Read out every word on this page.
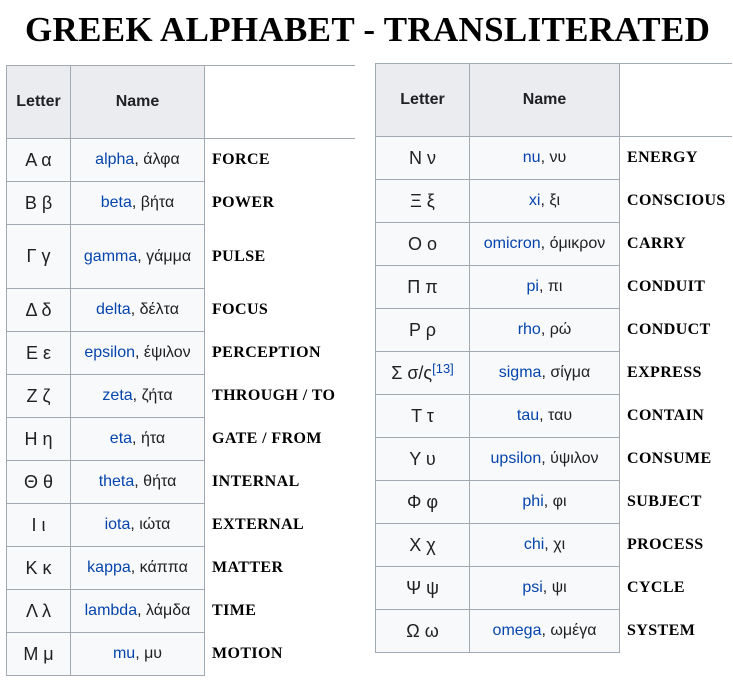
GREEK ALPHABET - TRANSLITERATED
Letter	Name	
Α α	alpha, άλφα	FORCE
Β β	beta, βήτα	POWER
Γ γ	gamma, γάμμα	PULSE
Δ δ	delta, δέλτα	FOCUS
Ε ε	epsilon, έψιλον	PERCEPTION
Ζ ζ	zeta, ζήτα	THROUGH / TO
Η η	eta, ήτα	GATE / FROM
Θ θ	theta, θήτα	INTERNAL
Ι ι	iota, ιώτα	EXTERNAL
Κ κ	kappa, κάππα	MATTER
Λ λ	lambda, λάμδα	TIME
Μ μ	mu, μυ	MOTION
Letter	Name	
Ν ν	nu, νυ	ENERGY
Ξ ξ	xi, ξι	CONSCIOUS
Ο ο	omicron, όμικρον	CARRY
Π π	pi, πι	CONDUIT
Ρ ρ	rho, ρώ	CONDUCT
Σ σ/ς[13]	sigma, σίγμα	EXPRESS
Τ τ	tau, ταυ	CONTAIN
Υ υ	upsilon, ύψιλον	CONSUME
Φ φ	phi, φι	SUBJECT
Χ χ	chi, χι	PROCESS
Ψ ψ	psi, ψι	CYCLE
Ω ω	omega, ωμέγα	SYSTEM
